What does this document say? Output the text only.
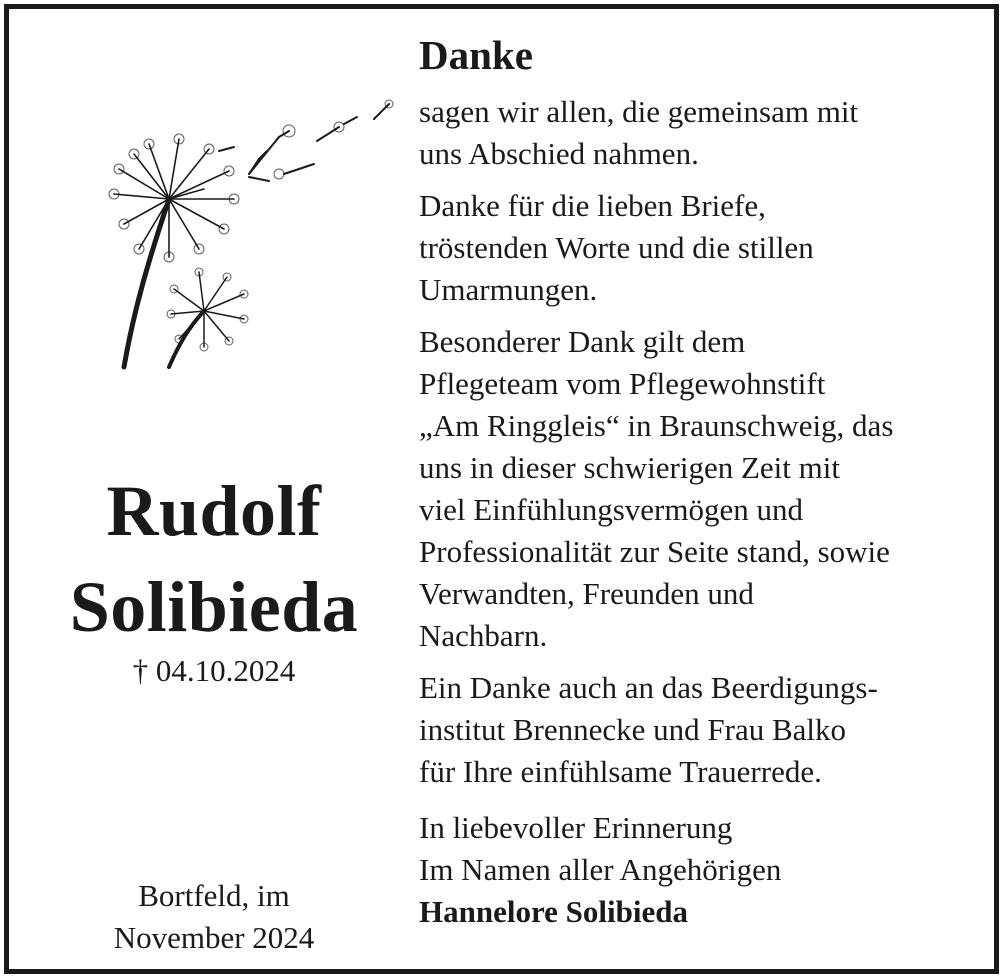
Rudolf
Solibieda
† 04.10.2024
Bortfeld, im
November 2024
Danke
sagen wir allen, die gemeinsam mit
uns Abschied nahmen.
Danke für die lieben Briefe,
tröstenden Worte und die stillen
Umarmungen.
Besonderer Dank gilt dem
Pflegeteam vom Pflegewohnstift
„Am Ringgleis“ in Braunschweig, das
uns in dieser schwierigen Zeit mit
viel Einfühlungsvermögen und
Professionalität zur Seite stand, sowie
Verwandten, Freunden und
Nachbarn.
Ein Danke auch an das Beerdigungs-
institut Brennecke und Frau Balko
für Ihre einfühlsame Trauerrede.
In liebevoller Erinnerung
Im Namen aller Angehörigen
Hannelore Solibieda
